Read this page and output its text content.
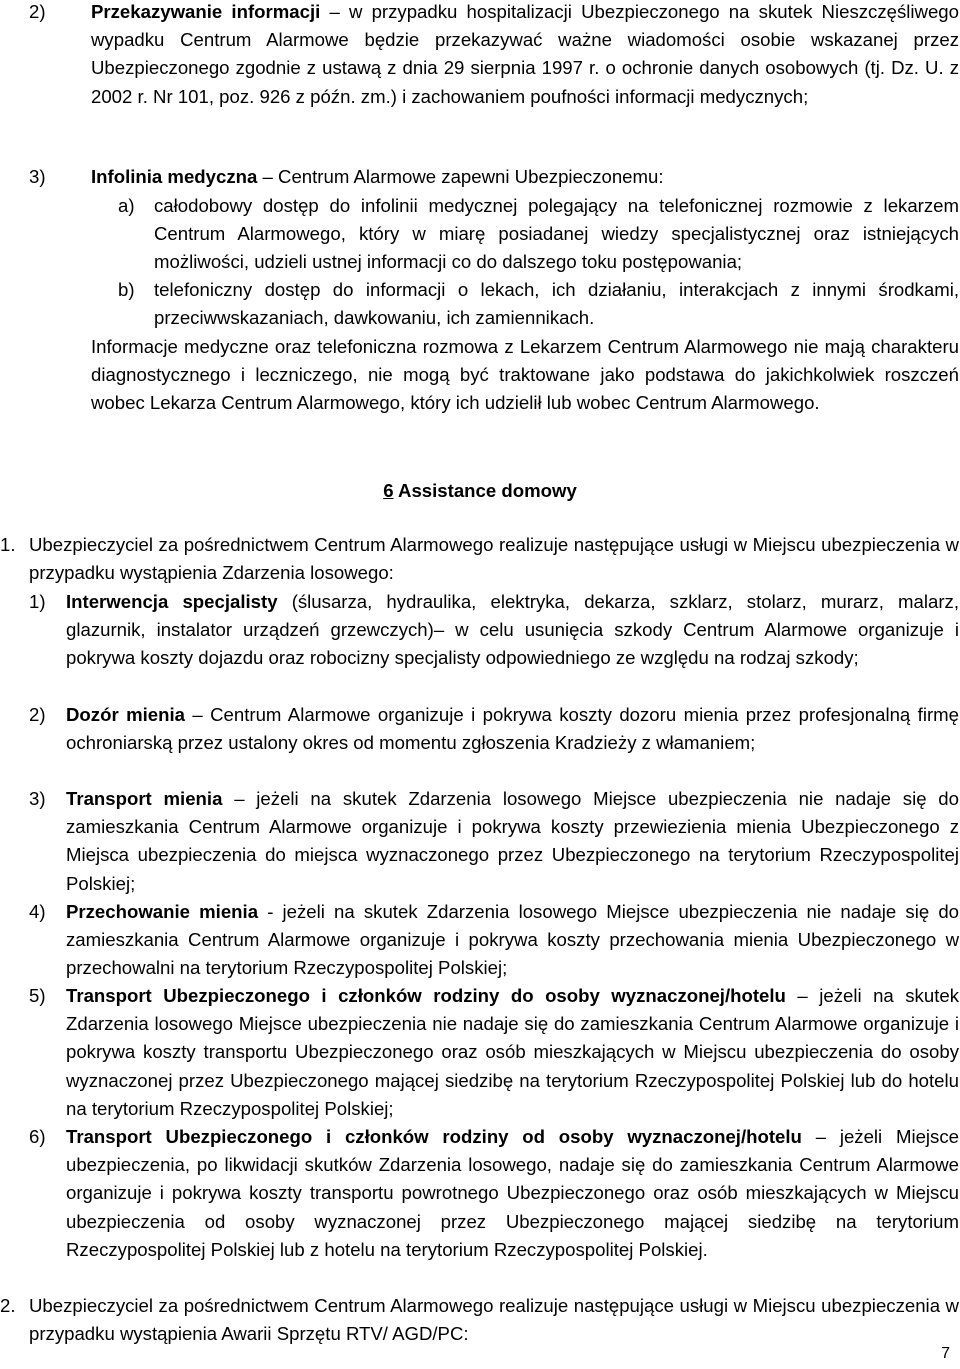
2)	Przekazywanie informacji – w przypadku hospitalizacji Ubezpieczonego na skutek Nieszczęśliwego wypadku Centrum Alarmowe będzie przekazywać ważne wiadomości osobie wskazanej przez Ubezpieczonego zgodnie z ustawą z dnia 29 sierpnia 1997 r. o ochronie danych osobowych (tj. Dz. U. z 2002 r. Nr 101, poz. 926 z późn. zm.) i zachowaniem poufności informacji medycznych;
3)	Infolinia medyczna – Centrum Alarmowe zapewni Ubezpieczonemu:
a)	całodobowy dostęp do infolinii medycznej polegający na telefonicznej rozmowie z lekarzem Centrum Alarmowego, który w miarę posiadanej wiedzy specjalistycznej oraz istniejących możliwości, udzieli ustnej informacji co do dalszego toku postępowania;
b)	telefoniczny dostęp do informacji o lekach, ich działaniu, interakcjach z innymi środkami, przeciwwskazaniach, dawkowaniu, ich zamiennikach.
Informacje medyczne oraz telefoniczna rozmowa z Lekarzem Centrum Alarmowego nie mają charakteru diagnostycznego i leczniczego, nie mogą być traktowane jako podstawa do jakichkolwiek roszczeń wobec Lekarza Centrum Alarmowego, który ich udzielił lub wobec Centrum Alarmowego.
6 Assistance domowy
1. Ubezpieczyciel za pośrednictwem Centrum Alarmowego realizuje następujące usługi w Miejscu ubezpieczenia w przypadku wystąpienia Zdarzenia losowego:
1)	Interwencja specjalisty (ślusarza, hydraulika, elektryka, dekarza, szklarz, stolarz, murarz, malarz, glazurnik, instalator urządzeń grzewczych)– w celu usunięcia szkody Centrum Alarmowe organizuje i pokrywa koszty dojazdu oraz robocizny specjalisty odpowiedniego ze względu na rodzaj szkody;
2)	Dozór mienia – Centrum Alarmowe organizuje i pokrywa koszty dozoru mienia przez profesjonalną firmę ochroniarską przez ustalony okres od momentu zgłoszenia Kradzieży z włamaniem;
3)	Transport mienia – jeżeli na skutek Zdarzenia losowego Miejsce ubezpieczenia nie nadaje się do zamieszkania Centrum Alarmowe organizuje i pokrywa koszty przewiezienia mienia Ubezpieczonego z Miejsca ubezpieczenia do miejsca wyznaczonego przez Ubezpieczonego na terytorium Rzeczypospolitej Polskiej;
4)	Przechowanie mienia - jeżeli na skutek Zdarzenia losowego Miejsce ubezpieczenia nie nadaje się do zamieszkania Centrum Alarmowe organizuje i pokrywa koszty przechowania mienia Ubezpieczonego w przechowalni na terytorium Rzeczypospolitej Polskiej;
5)	Transport Ubezpieczonego i członków rodziny do osoby wyznaczonej/hotelu – jeżeli na skutek Zdarzenia losowego Miejsce ubezpieczenia nie nadaje się do zamieszkania Centrum Alarmowe organizuje i pokrywa koszty transportu Ubezpieczonego oraz osób mieszkających w Miejscu ubezpieczenia do osoby wyznaczonej przez Ubezpieczonego mającej siedzibę na terytorium Rzeczypospolitej Polskiej lub do hotelu na terytorium Rzeczypospolitej Polskiej;
6)	Transport Ubezpieczonego i członków rodziny od osoby wyznaczonej/hotelu – jeżeli Miejsce ubezpieczenia, po likwidacji skutków Zdarzenia losowego, nadaje się do zamieszkania Centrum Alarmowe organizuje i pokrywa koszty transportu powrotnego Ubezpieczonego oraz osób mieszkających w Miejscu ubezpieczenia od osoby wyznaczonej przez Ubezpieczonego mającej siedzibę na terytorium Rzeczypospolitej Polskiej lub z hotelu na terytorium Rzeczypospolitej Polskiej.
2. Ubezpieczyciel za pośrednictwem Centrum Alarmowego realizuje następujące usługi w Miejscu ubezpieczenia w przypadku wystąpienia Awarii Sprzętu RTV/ AGD/PC:
7
